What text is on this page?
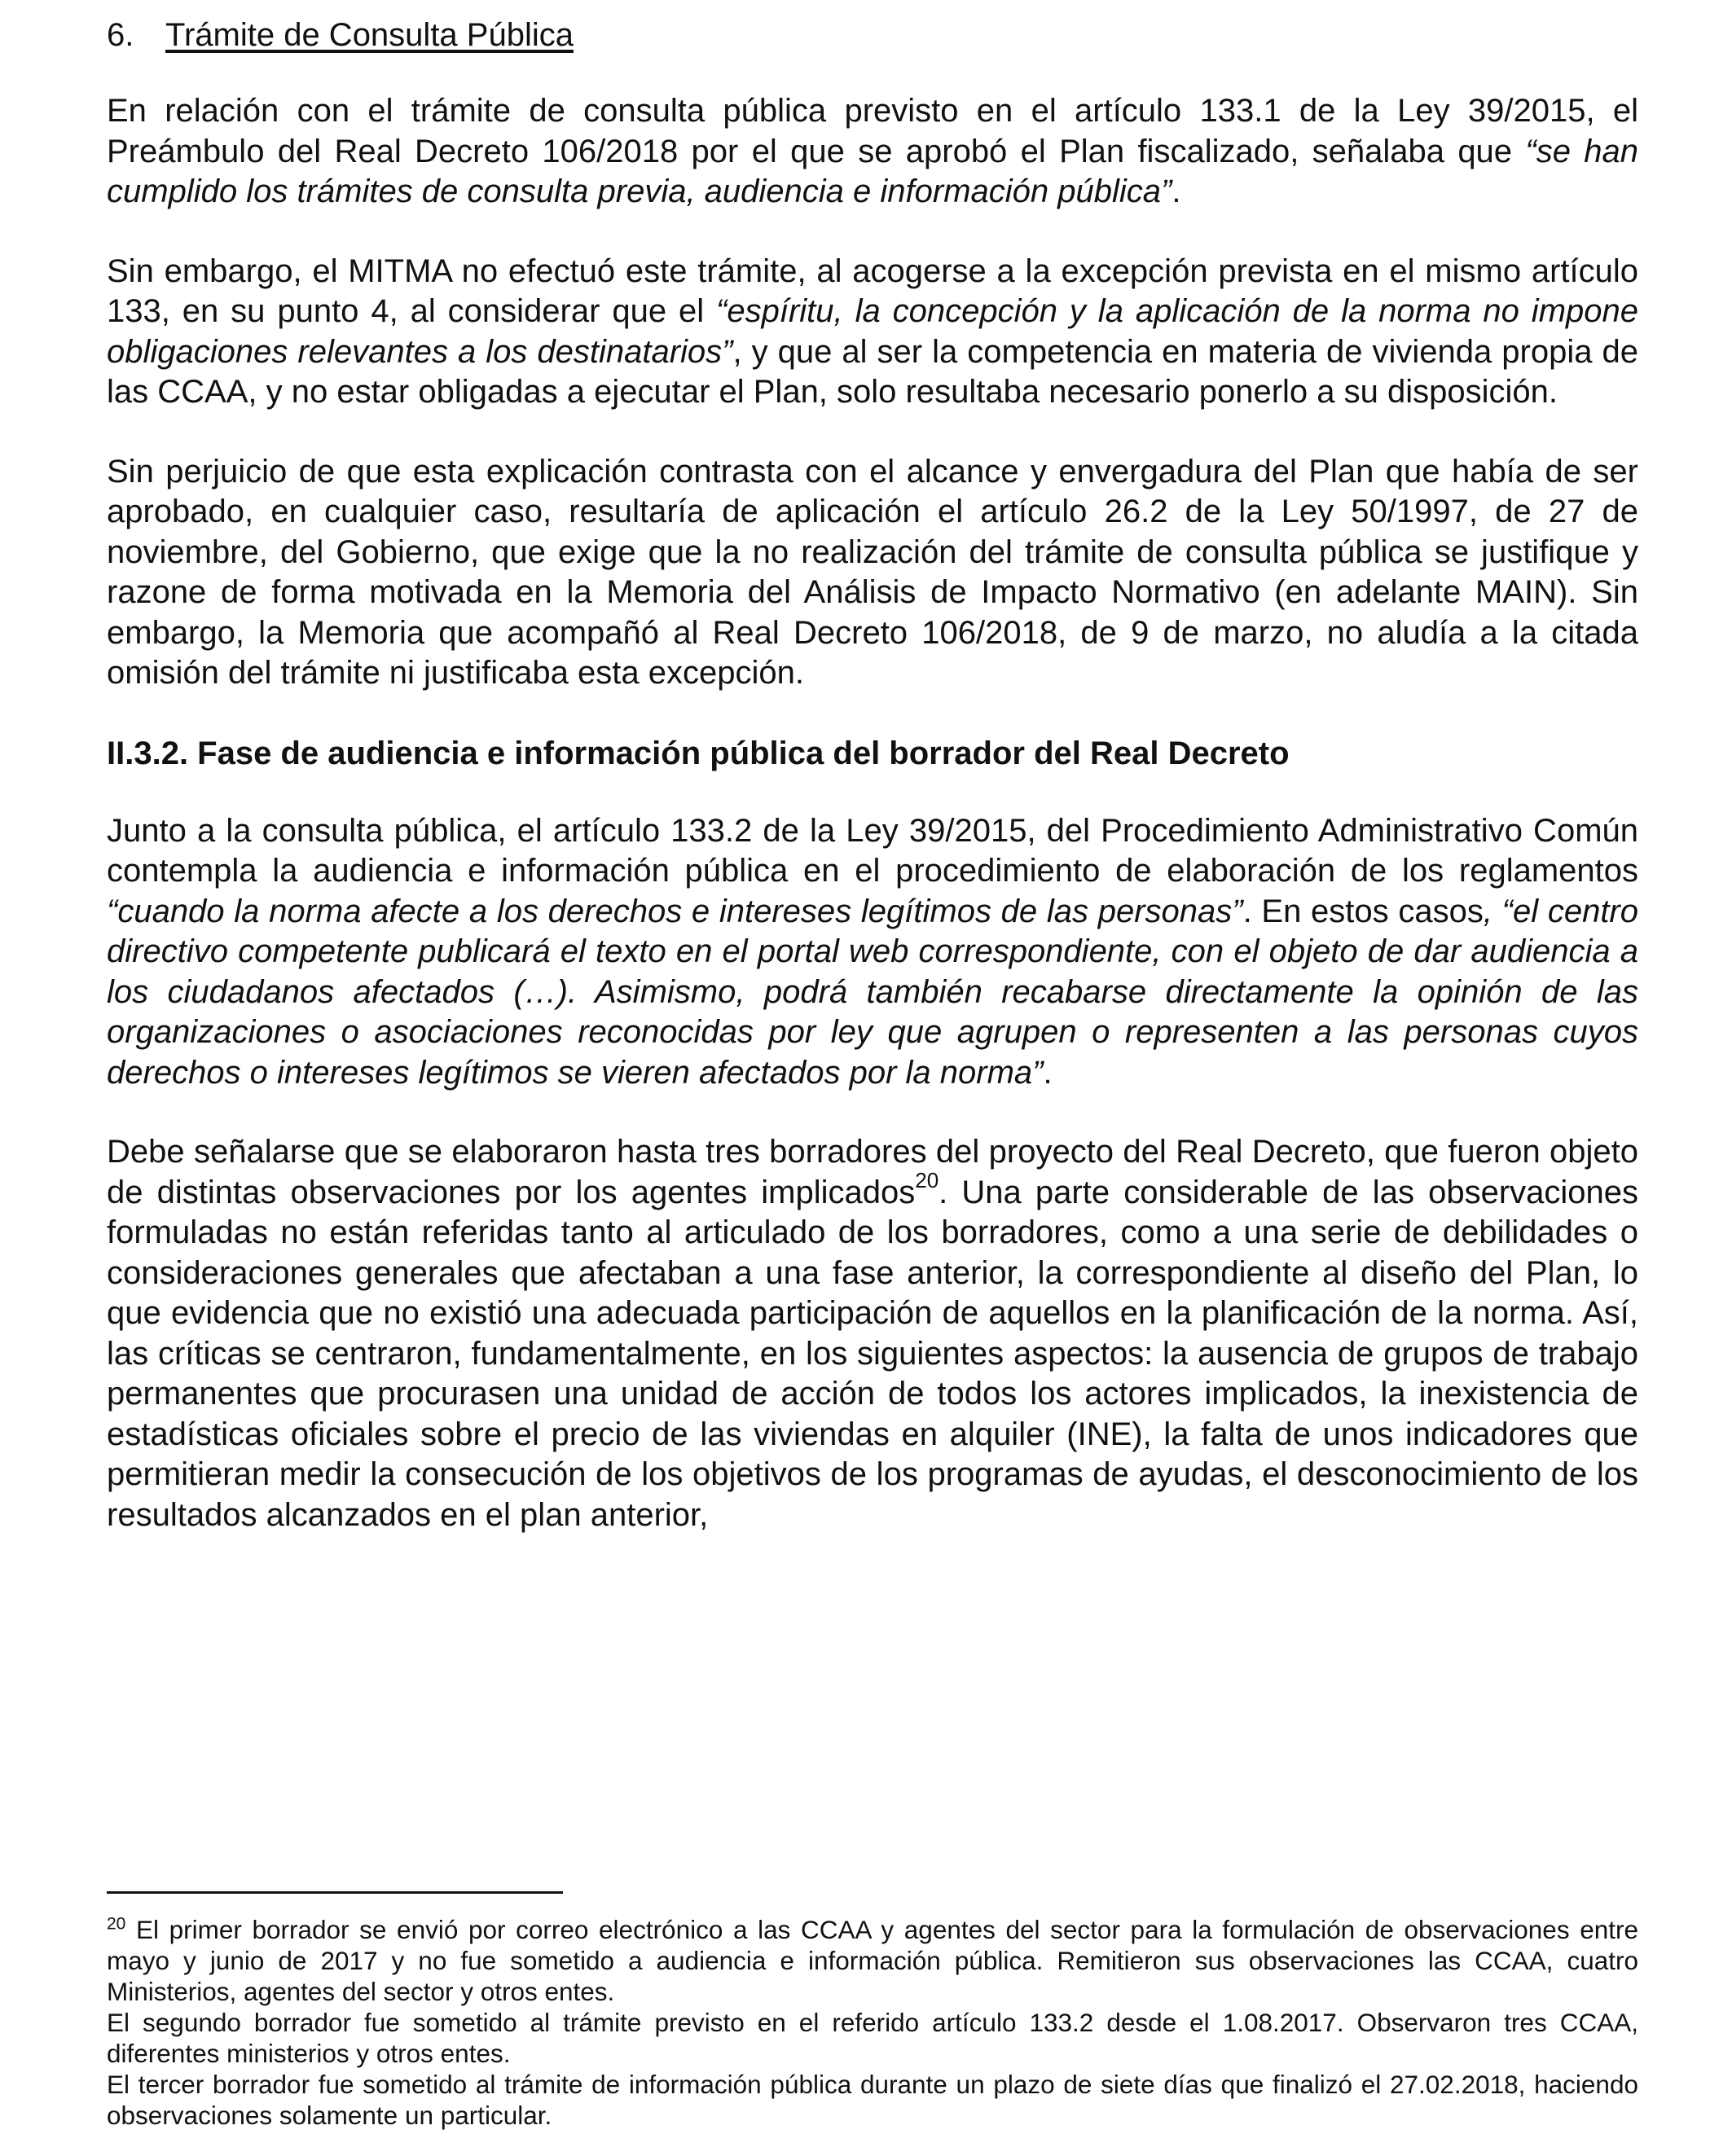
6. Trámite de Consulta Pública

En relación con el trámite de consulta pública previsto en el artículo 133.1 de la Ley 39/2015, el Preámbulo del Real Decreto 106/2018 por el que se aprobó el Plan fiscalizado, señalaba que “se han cumplido los trámites de consulta previa, audiencia e información pública”.

Sin embargo, el MITMA no efectuó este trámite, al acogerse a la excepción prevista en el mismo artículo 133, en su punto 4, al considerar que el “espíritu, la concepción y la aplicación de la norma no impone obligaciones relevantes a los destinatarios”, y que al ser la competencia en materia de vivienda propia de las CCAA, y no estar obligadas a ejecutar el Plan, solo resultaba necesario ponerlo a su disposición.

Sin perjuicio de que esta explicación contrasta con el alcance y envergadura del Plan que había de ser aprobado, en cualquier caso, resultaría de aplicación el artículo 26.2 de la Ley 50/1997, de 27 de noviembre, del Gobierno, que exige que la no realización del trámite de consulta pública se justifique y razone de forma motivada en la Memoria del Análisis de Impacto Normativo (en adelante MAIN). Sin embargo, la Memoria que acompañó al Real Decreto 106/2018, de 9 de marzo, no aludía a la citada omisión del trámite ni justificaba esta excepción.

II.3.2. Fase de audiencia e información pública del borrador del Real Decreto

Junto a la consulta pública, el artículo 133.2 de la Ley 39/2015, del Procedimiento Administrativo Común contempla la audiencia e información pública en el procedimiento de elaboración de los reglamentos “cuando la norma afecte a los derechos e intereses legítimos de las personas”. En estos casos, “el centro directivo competente publicará el texto en el portal web correspondiente, con el objeto de dar audiencia a los ciudadanos afectados (…). Asimismo, podrá también recabarse directamente la opinión de las organizaciones o asociaciones reconocidas por ley que agrupen o representen a las personas cuyos derechos o intereses legítimos se vieren afectados por la norma”.

Debe señalarse que se elaboraron hasta tres borradores del proyecto del Real Decreto, que fueron objeto de distintas observaciones por los agentes implicados$^{20}$. Una parte considerable de las observaciones formuladas no están referidas tanto al articulado de los borradores, como a una serie de debilidades o consideraciones generales que afectaban a una fase anterior, la correspondiente al diseño del Plan, lo que evidencia que no existió una adecuada participación de aquellos en la planificación de la norma. Así, las críticas se centraron, fundamentalmente, en los siguientes aspectos: la ausencia de grupos de trabajo permanentes que procurasen una unidad de acción de todos los actores implicados, la inexistencia de estadísticas oficiales sobre el precio de las viviendas en alquiler (INE), la falta de unos indicadores que permitieran medir la consecución de los objetivos de los programas de ayudas, el desconocimiento de los resultados alcanzados en el plan anterior,

$^{20}$ El primer borrador se envió por correo electrónico a las CCAA y agentes del sector para la formulación de observaciones entre mayo y junio de 2017 y no fue sometido a audiencia e información pública. Remitieron sus observaciones las CCAA, cuatro Ministerios, agentes del sector y otros entes.

El segundo borrador fue sometido al trámite previsto en el referido artículo 133.2 desde el 1.08.2017. Observaron tres CCAA, diferentes ministerios y otros entes.

El tercer borrador fue sometido al trámite de información pública durante un plazo de siete días que finalizó el 27.02.2018, haciendo observaciones solamente un particular.
